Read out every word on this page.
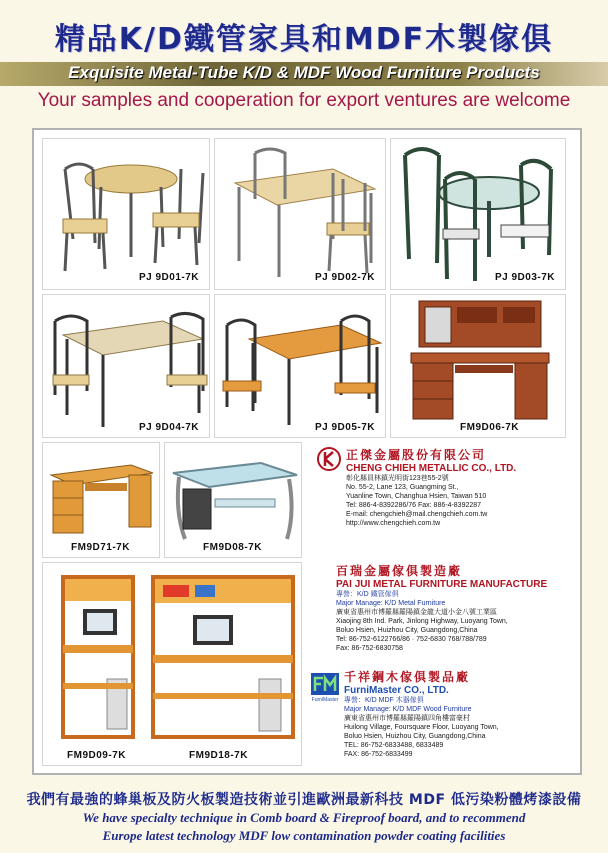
精品K/D鐵管家具和MDF木製傢俱
Exquisite Metal-Tube K/D & MDF Wood Furniture Products
Your samples and cooperation for export ventures are welcome
PJ 9D01-7K	PJ 9D02-7K	PJ 9D03-7K
PJ 9D04-7K	PJ 9D05-7K	FM9D06-7K
FM9D71-7K	FM9D08-7K
FM9D09-7K	FM9D18-7K
正傑金屬股份有限公司
CHENG CHIEH METALLIC CO., LTD.
彰化縣員林鎮光明街123巷55-2號
No. 55-2, Lane 123, Guangming St.,
Yuanline Town, Changhua Hsien, Taiwan 510
Tel: 886-4-8392286/76 Fax: 886-4-8392287
E-mail: chengchieh@mail.chengchieh.com.tw
http://www.chengchieh.com.tw
百瑞金屬傢俱製造廠
PAI JUI METAL FURNITURE MANUFACTURE
專營：K/D 鐵管傢俱
Major Manage: K/D Metal Furniture
廣東省惠州市博羅縣羅陽鎮金龍大道小金八號工業區
Xiaojing 8th Ind. Park, Jinlong Highway, Luoyang Town,
Boluo Hsien, Huizhou City, Guangdong,China
Tel: 86-752-6122766/86 · 752-6830 768/788/789
Fax: 86-752-6830758
FurniMaster
千祥鋼木傢俱製品廠
FurniMaster CO., LTD.
專營：K/D MDF 木器傢俱
Major Manage: K/D MDF Wood Furniture
廣東省惠州市博羅縣羅陽鎮四角樓富豪村
Huilong Village, Foursquare Floor, Luoyang Town,
Boluo Hsien, Huizhou City, Guangdong,China
TEL: 86-752-6833488, 6833489
FAX: 86-752-6833499
我們有最強的蜂巢板及防火板製造技術並引進歐洲最新科技 MDF 低污染粉體烤漆設備
We have specialty technique in Comb board & Fireproof board, and to recommend
Europe latest technology MDF low contamination powder coating facilities
